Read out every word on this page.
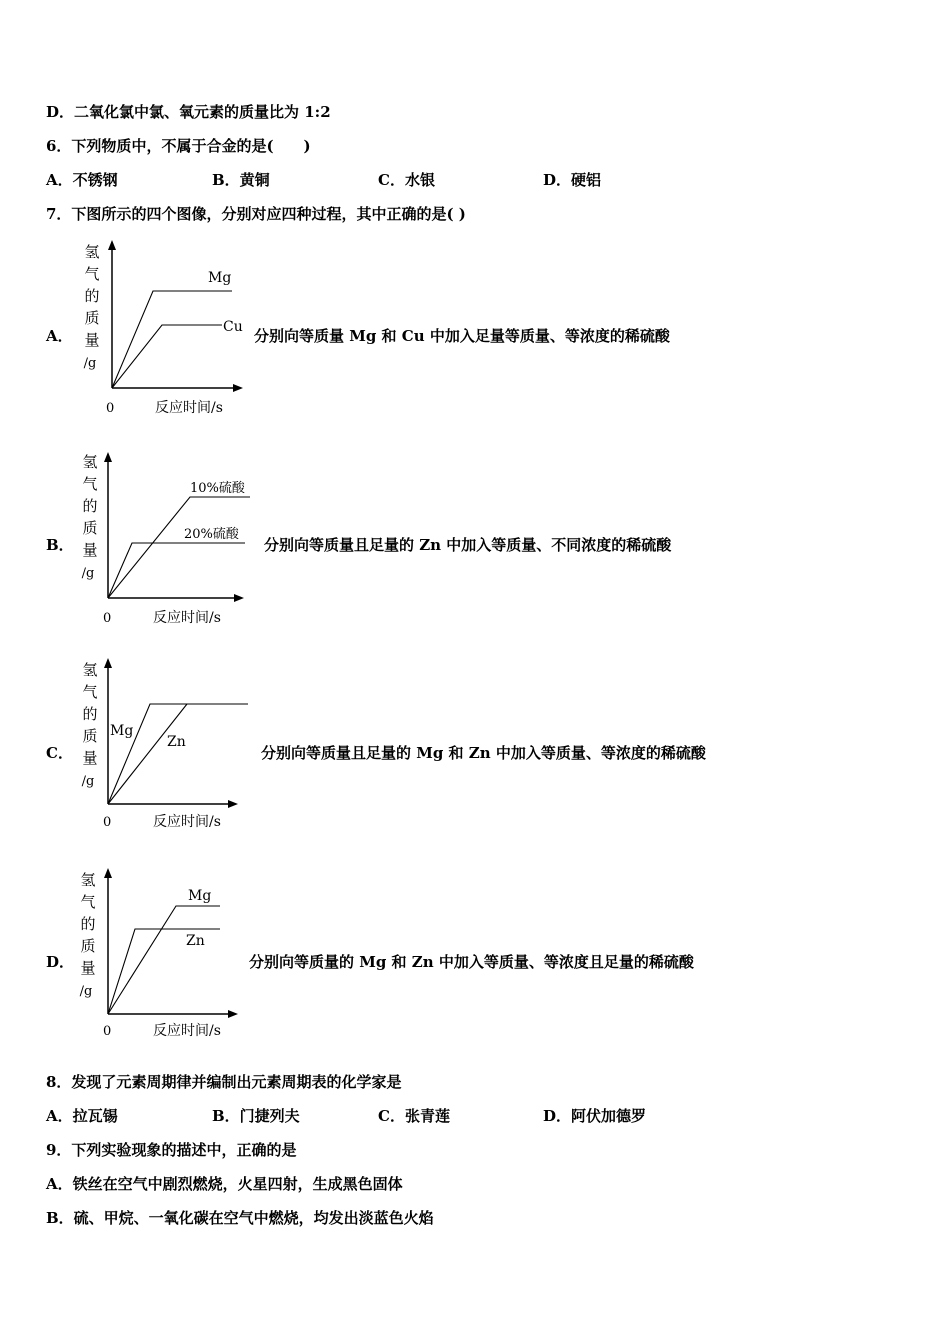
D．二氧化氯中氯、氧元素的质量比为 1:2
6．下列物质中，不属于合金的是(　　)
A．不锈钢	B．黄铜	C．水银	D．硬铝
7．下图所示的四个图像，分别对应四种过程，其中正确的是( )
A．
氢
气
的
质
量
/g
Mg
Cu
0	反应时间/s
分别向等质量 Mg 和 Cu 中加入足量等质量、等浓度的稀硫酸
B．
氢
气
的
质
量
/g
10%硫酸
20%硫酸
0	反应时间/s
分别向等质量且足量的 Zn 中加入等质量、不同浓度的稀硫酸
C．
氢
气
的
质
量
/g
Mg
Zn
0	反应时间/s
分别向等质量且足量的 Mg 和 Zn 中加入等质量、等浓度的稀硫酸
D．
氢
气
的
质
量
/g
Mg
Zn
0	反应时间/s
分别向等质量的 Mg 和 Zn 中加入等质量、等浓度且足量的稀硫酸
8．发现了元素周期律并编制出元素周期表的化学家是
A．拉瓦锡	B．门捷列夫	C．张青莲	D．阿伏加德罗
9．下列实验现象的描述中，正确的是
A．铁丝在空气中剧烈燃烧，火星四射，生成黑色固体
B．硫、甲烷、一氧化碳在空气中燃烧，均发出淡蓝色火焰
